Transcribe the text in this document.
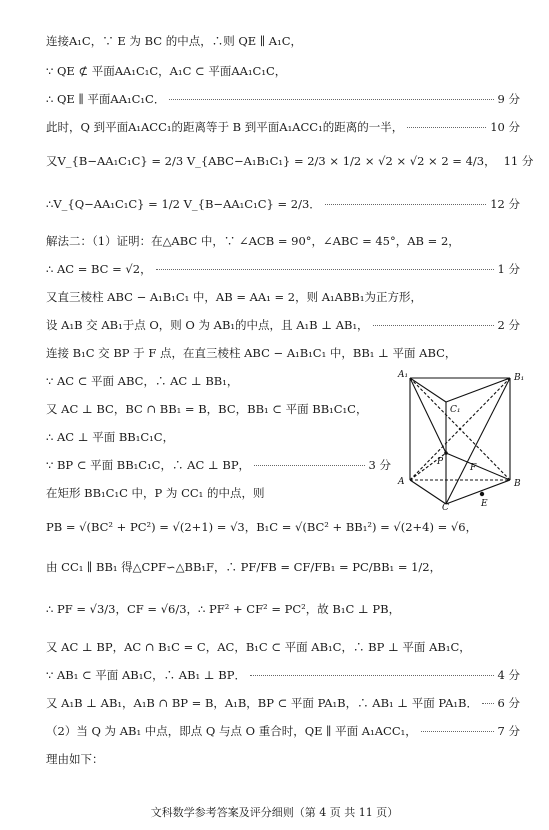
连接A₁C，∵ E 为 BC 的中点，∴则 QE ∥ A₁C，
∵ QE ⊄ 平面AA₁C₁C，A₁C ⊂ 平面AA₁C₁C，
∴ QE ∥ 平面AA₁C₁C．	9 分
此时，Q 到平面A₁ACC₁的距离等于 B 到平面A₁ACC₁的距离的一半，	10 分
又V_{B−AA₁C₁C} = 2/3 V_{ABC−A₁B₁C₁} = 2/3 × 1/2 × √2 × √2 × 2 = 4/3， 11 分
∴V_{Q−AA₁C₁C} = 1/2 V_{B−AA₁C₁C} = 2/3．	12 分
解法二：（1）证明：在△ABC 中，∵ ∠ACB = 90°，∠ABC = 45°，AB = 2，
∴ AC = BC = √2，	1 分
又直三棱柱 ABC − A₁B₁C₁ 中，AB = AA₁ = 2，则 A₁ABB₁为正方形，
设 A₁B 交 AB₁于点 O，则 O 为 AB₁的中点，且 A₁B ⊥ AB₁，	2 分
连接 B₁C 交 BP 于 F 点，在直三棱柱 ABC − A₁B₁C₁ 中，BB₁ ⊥ 平面 ABC，
∵ AC ⊂ 平面 ABC，∴ AC ⊥ BB₁，
又 AC ⊥ BC，BC ∩ BB₁ = B，BC，BB₁ ⊂ 平面 BB₁C₁C，
∴ AC ⊥ 平面 BB₁C₁C，
∵ BP ⊂ 平面 BB₁C₁C，∴ AC ⊥ BP，	3 分
在矩形 BB₁C₁C 中，P 为 CC₁ 的中点，则
PB = √(BC² + PC²) = √(2+1) = √3，B₁C = √(BC² + BB₁²) = √(2+4) = √6，
由 CC₁ ∥ BB₁ 得△CPF∽△BB₁F，∴ PF/FB = CF/FB₁ = PC/BB₁ = 1/2，
∴ PF = √3/3，CF = √6/3，∴ PF² + CF² = PC²，故 B₁C ⊥ PB，
又 AC ⊥ BP，AC ∩ B₁C = C，AC，B₁C ⊂ 平面 AB₁C，∴ BP ⊥ 平面 AB₁C，
∵ AB₁ ⊂ 平面 AB₁C，∴ AB₁ ⊥ BP．	4 分
又 A₁B ⊥ AB₁，A₁B ∩ BP = B，A₁B，BP ⊂ 平面 PA₁B，∴ AB₁ ⊥ 平面 PA₁B． 6 分
（2）当 Q 为 AB₁ 中点，即点 Q 与点 O 重合时，QE ∥ 平面 A₁ACC₁，	7 分
理由如下：
A₁	B₁
C₁
P
F
A	B
C	E
文科数学参考答案及评分细则（第 4 页 共 11 页）
